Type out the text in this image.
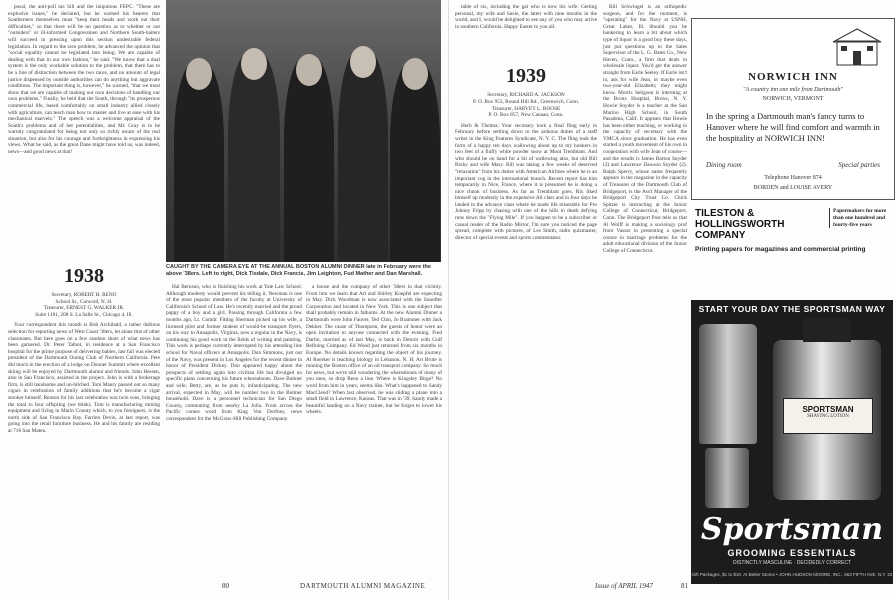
posal, the anti-poll tax bill and the iniquitous FEPC. "These are explosive issues," he declared, but he warned his hearers that Southerners themselves must "keep their heads and work out their difficulties," so that there will be no question as to whether or not "outsiders" or ill-informed Congressmen and Northern South-baiters will succeed in pressing upon this section undesirable federal legislation. In regard to the race problem, he advanced the opinion that "social equality cannot be legislated into being. We are capable of dealing with that in our own fashion," he said. "We know that a dual system is the only workable solution to the problem, that there has to be a line of distinction between the two races, and no amount of legal justice dispensed by outside authorities can do anything but aggravate conditions. The important thing is, however," he warned, "that we must show that we are capable of making our own decisions of handling our own problems." Finally, he held that the South, through "its prosperous commercial life, based comfortably on small industry allied closely with agriculture, can teach man how to master and live at ease with his mechanical marvels." The speech was a welcome appraisal of the South's problems and of her potentialities, and Mr. Gray is to be warmly congratulated for being not only so richly aware of the real situation, but also for his courage and forthrightness in expressing his views. What he said, as the great Dane might have told us, was indeed, news—and good news at that!

CAUGHT BY THE CAMERA EYE AT THE ANNUAL BOSTON ALUMNI DINNER late in February were the above '38ers. Left to right, Dick Tisdale, Dick Francis, Jim Leighton, Fud Mather and Dan Marshall.
1938
Secretary, ROBERT H. RENO
School St., Concord, N. H.
Treasurer, ERNEST G. WALKER JR.
Suite 1181, 208 S. La Salle St., Chicago 4, Ill.

Your correspondent this month is Bob Archibald, a rather dubious selection for reporting news of West Coast '38ers, let alone that of other classmates. But here goes on a few random shots of what news has been garnered. Dr. Peter Talbot, in residence at a San Francisco hospital for the prime purpose of delivering babies, last fall was elected president of the Dartmouth Outing Club of Northern California. Pete did much in the erection of a lodge on Donner Summit where excellent skiing will be enjoyed by Dartmouth alumni and friends. John Hessen, also in San Francisco, assisted in the project. John is with a brokerage firm, is still handsome and un-hitched. Tom Maury passed out so many cigars in celebration of family additions that he's become a cigar smoker himself. Reason for his last celebration was twin sons, bringing the total to four offspring (we think). Tom is manufacturing mining equipment and living in Marin County which, to you foreigners, is the north side of San Francisco Bay. Farrien Devin, at last report, was going into the retail furniture business. He and his family are residing at 716 San Mateo.

Hal Bernson, who is finishing his work at Yale Law School. Although modesty would prevent his telling it, Newman is one of the most popular members of the faculty at University of California's School of Law. He's recently married and the proud pappy of a boy and a girl. Passing through California a few months ago, Lt. Comdr. Fitting Sherman picked up his wife, a licensed pilot and former student of would-be transport flyers, on his way to Annapolis, Virginia, now a regular in the Navy, is continuing his good work in the fields of writing and painting. This work is perhaps currently interrupted by his attending line school for Naval officers at Annapolis. Don Simmons, just out of the Navy, was present in Los Angeles for the recent dinner in honor of President Dickey. Don appeared happy about the prospects of settling again into civilian life but divulged no specific plans concerning his future whereabouts. Dave Bulmer and wife, Betty, are, as he puts it, infanticipating. The new arrival, expected in May, will be number two in the Bulmer household. Dave is a personnel technician for San Diego County, commuting from nearby La Jolla. From across the Pacific comes word from King Von Dorfney, news correspondent for the McGraw-Hill Publishing Company.

a house and the company of other '38ers in that vicinity. From him we learn that Art and Shirley Koepfel are expecting in May. Dick Woodman is now associated with the Sonofter Corporation and located in New York. This is one subject that shall probably remain in fathoms. At the new Alumni Dinner a Dartmouth were John Fauver, Ted Chin, Jo Brammer with Jack Dekker. The cause of Thompson, the guests of honor were an open invitation to anyone connected with the evening. Fred Darlin, married as of last May, is back in Detroit with Gulf Refining Company. Ed Wood just returned from six months in Europe. No details known regarding the object of his journey. Al Roerker is teaching biology in Lebanon, N. H. Art Brule is running the Boston office of an oil transport company. So much for news, but we're still wondering the whereabouts of many of you men, so drop Reno a line. Where is Kingsley Birge? No word from him in years, seems like. What's happened to Sandy MacCleod? When last observed, he was sliding a plane into a small field in Lawrence, Kansas. That was in '39. Sandy made a beautiful landing on a Navy trainer, but he forgot to lower his wheels.

80	DARTMOUTH ALUMNI MAGAZINE

table of six, including the gal who is now his wife. Getting personal, my wife and Susie, the latter with nine months in the world, and I, would be delighted to see any of you who may arrive in southern California. Happy Easter to you all.

1939
Secretary, RICHARD A. JACKSON
P. O. Box 953, Round Hill Rd., Greenwich, Conn.
Treasurer, HARVEY L. ROOSE
P. O. Box 857, New Canaan, Conn.

Herb & Thelma: Your secretary took a final fling early in February before settling down to the arduous duties of a staff writer in the King Features Syndicate, N. Y. C. The fling took the form of a happy ten days wallowing about up to my hunkers in two feet of a fluffy white powder snow at Mont Tremblant. And who should be on hand for a bit of wallowing also, but old Bill Bixby and wife Mary. Bill was taking a few weeks of deserved "relaxation" from his duties with American Airlines where he is an important cog in the international branch. Recent report has him temporarily in Nice, France, where it is presumed he is doing a nice chunk of business. As far as Tremblant goes, Rix liked himself up modestly in the expensive All class and in four days he landed in the advance class where he made life miserable for Pro Johnny Fripp by chasing with one of the hills in death defying runs down the "Flying Mile". If you happen to be a subscriber or casual reader of the Radio Mirror, I'm sure you noticed the page spread, complete with pictures, of Les Smith, radio quizmaster, director of special events and sports commentator.

Bill Schwingel is an orthopedic surgeon, and for the moment, is "operating" for the Navy at USNH, Great Lakes, Ill. Should you be hankering to learn a bit about which type of liquor is a good buy these days, just put questions up to the Sales Supervisor of the L. G. Bates Co., New Haven, Conn., a firm that deals in wholesale liquor. You'd get the answer straight from Earle Seeley. If Earle isn't in, ask for wife Jean, or maybe even two-year-old Elizabeth; they might know. Morris Seligson is interning at the Bronx Hospital, Bronx, N. Y. Howie Snyder is a teacher at the San Marino High School, in South Pasadena, Calif. It appears that Howie has been either teaching, or working in the capacity of secretary with the YMCA since graduation. He has even started a youth movement of his own in cooperation with wife Jean of course—and the results is James Barton Snyder (3) and Lawrence Dawson Snyder (2). Ralph Sperry, whose name frequently appears in the magazine in the capacity of Treasurer of the Dartmouth Club of Bridgeport, is the Ass't Manager of the Bridgeport City Trust Co. Chick Spitzer is instructing at the Junior College of Connecticut, Bridgeport, Conn. The Bridgeport Post tells us that Al Wolff is making a sociology prof from Vassar in presenting a special course in marriage problems for the adult educational division of the Junior College of Connecticut.

NORWICH INN
"A country inn one mile from Dartmouth"
NORWICH, VERMONT
In the spring a Dartmouth man's fancy turns to Hanover where he will find comfort and warmth in the hospitality at NORWICH INN!
Dining room	Special parties
Telephone Hanover 874
BORDEN and LOUISE AVERY
TILESTON &
HOLLINGSWORTH
COMPANY
Papermakers for more than one hundred and fourty-five years
Printing papers for magazines and commercial printing
START YOUR DAY THE SPORTSMAN WAY
SPORTSMAN
SHAVING LOTION
Sportsman
GROOMING ESSENTIALS
DISTINCTLY MASCULINE · DECIDEDLY CORRECT
Gift Packages, $1 to $10. At Better Stores • JOHN HUDSON MOORE, INC., 663 FIFTH AVE, N.Y. 22
Issue of APRIL 1947	81
